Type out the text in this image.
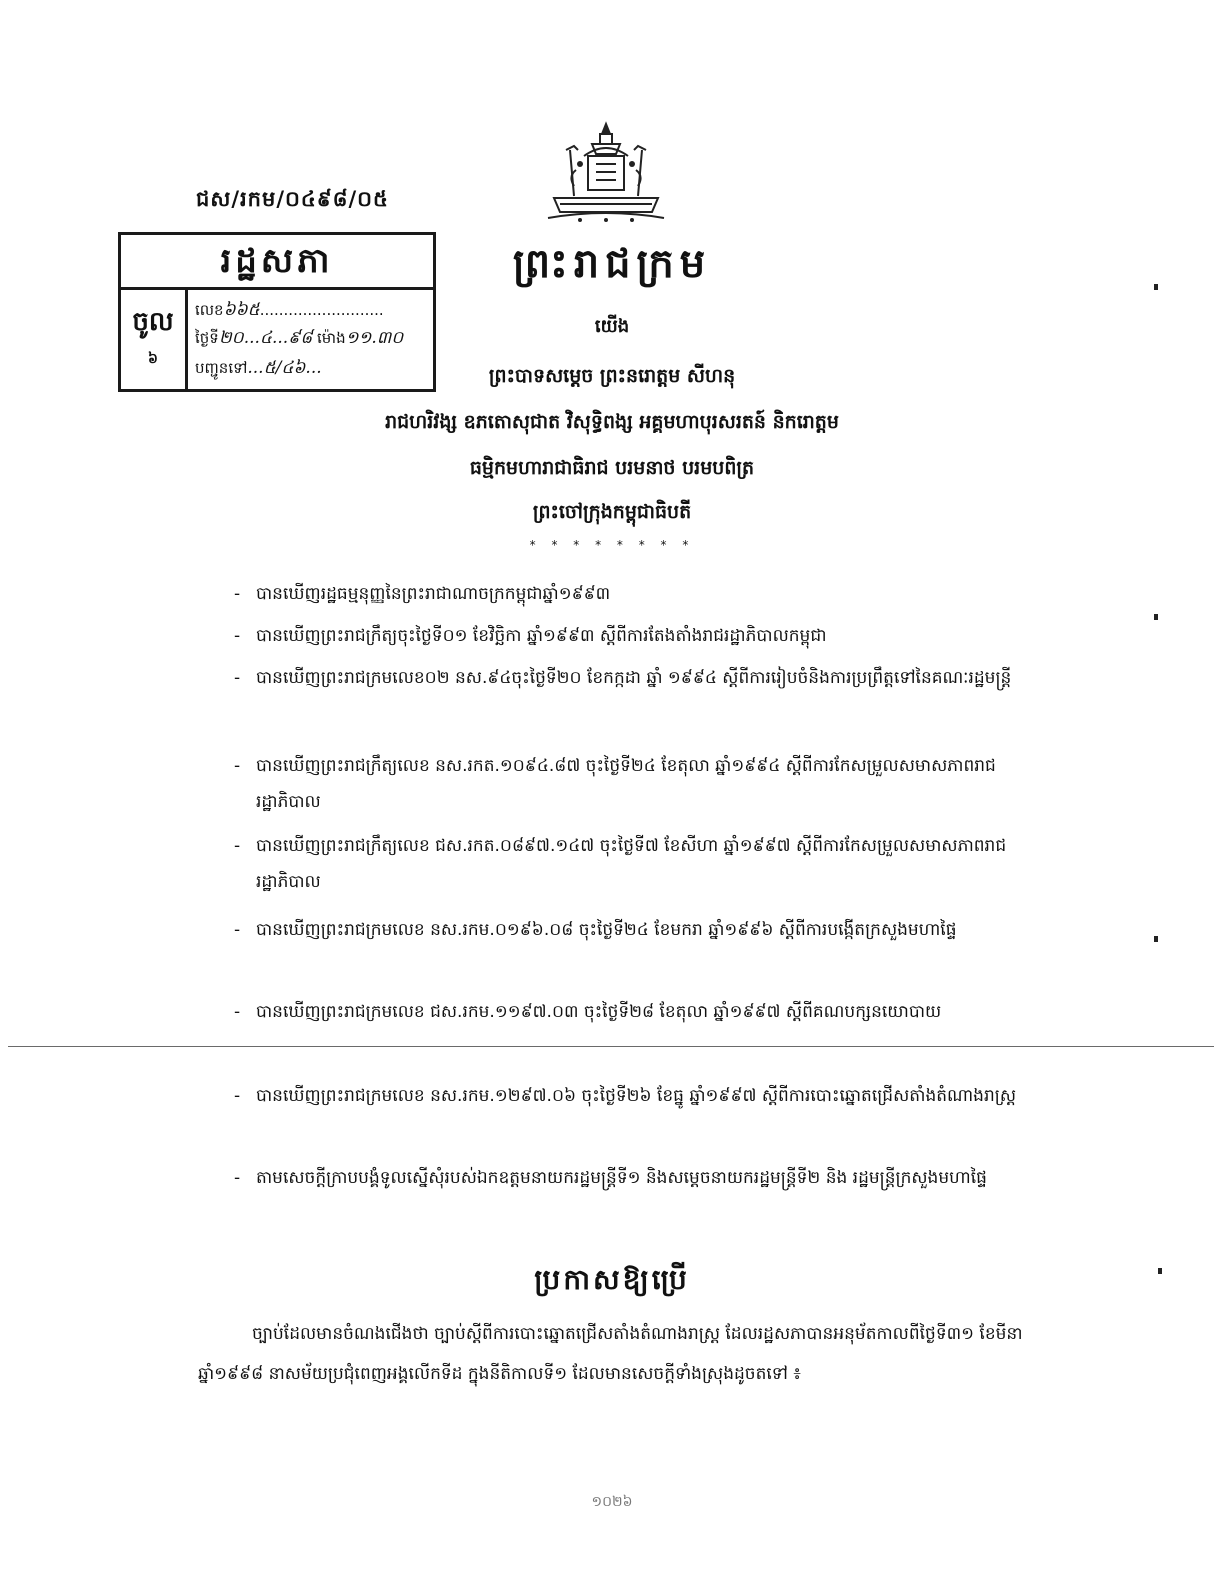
ជស/រកម/០៤៩៨/០៥
រដ្ឋសភា
ចូល
៦
លេខ៦៦៥..........................
ថ្ងៃទី២០...៤...៩៨ ម៉ោង១១.៣០
បញ្ជូនទៅ...៥/៤៦...
ព្រះរាជក្រម
យើង
ព្រះបាទសម្តេច ព្រះនរោត្តម សីហនុ
រាជហរិវង្ស ឧភតោសុជាត វិសុទ្ធិពង្ស អគ្គមហាបុរសរតន៍ និករោត្តម
ធម្មិកមហារាជាធិរាជ បរមនាថ បរមបពិត្រ
ព្រះចៅក្រុងកម្ពុជាធិបតី
* * * * * * * *
- បានឃើញរដ្ឋធម្មនុញ្ញនៃព្រះរាជាណាចក្រកម្ពុជាឆ្នាំ១៩៩៣
- បានឃើញព្រះរាជក្រឹត្យចុះថ្ងៃទី០១ ខែវិច្ឆិកា ឆ្នាំ១៩៩៣ ស្តីពីការតែងតាំងរាជរដ្ឋាភិបាលកម្ពុជា
- បានឃើញព្រះរាជក្រមលេខ០២ នស.៩៤ចុះថ្ងៃទី២០ ខែកក្កដា ឆ្នាំ ១៩៩៤ ស្តីពីការរៀបចំនិងការប្រព្រឹត្តទៅនៃគណៈរដ្ឋមន្ត្រី
- បានឃើញព្រះរាជក្រឹត្យលេខ នស.រកត.១០៩៤.៨៧ ចុះថ្ងៃទី២៤ ខែតុលា ឆ្នាំ១៩៩៤ ស្តីពីការកែសម្រួលសមាសភាពរាជរដ្ឋាភិបាល
- បានឃើញព្រះរាជក្រឹត្យលេខ ជស.រកត.០៨៩៧.១៤៧ ចុះថ្ងៃទី៧ ខែសីហា ឆ្នាំ១៩៩៧ ស្តីពីការកែសម្រួលសមាសភាពរាជរដ្ឋាភិបាល
- បានឃើញព្រះរាជក្រមលេខ នស.រកម.០១៩៦.០៨ ចុះថ្ងៃទី២៤ ខែមករា ឆ្នាំ១៩៩៦ ស្តីពីការបង្កើតក្រសួងមហាផ្ទៃ
- បានឃើញព្រះរាជក្រមលេខ ជស.រកម.១១៩៧.០៣ ចុះថ្ងៃទី២៨ ខែតុលា ឆ្នាំ១៩៩៧ ស្តីពីគណបក្សនយោបាយ
- បានឃើញព្រះរាជក្រមលេខ នស.រកម.១២៩៧.០៦ ចុះថ្ងៃទី២៦ ខែធ្នូ ឆ្នាំ១៩៩៧ ស្តីពីការបោះឆ្នោតជ្រើសតាំងតំណាងរាស្ត្រ
- តាមសេចក្តីក្រាបបង្គំទូលស្នើសុំរបស់ឯកឧត្តមនាយករដ្ឋមន្ត្រីទី១ និងសម្តេចនាយករដ្ឋមន្ត្រីទី២ និង រដ្ឋមន្ត្រីក្រសួងមហាផ្ទៃ
ប្រកាសឱ្យប្រើ
ច្បាប់ដែលមានចំណងជើងថា ច្បាប់ស្តីពីការបោះឆ្នោតជ្រើសតាំងតំណាងរាស្ត្រ ដែលរដ្ឋសភាបានអនុម័តកាលពីថ្ងៃទី៣១ ខែមីនា ឆ្នាំ១៩៩៨ នាសម័យប្រជុំពេញអង្គលើកទីដ ក្នុងនីតិកាលទី១ ដែលមានសេចក្តីទាំងស្រុងដូចតទៅ ៖
១០២៦
